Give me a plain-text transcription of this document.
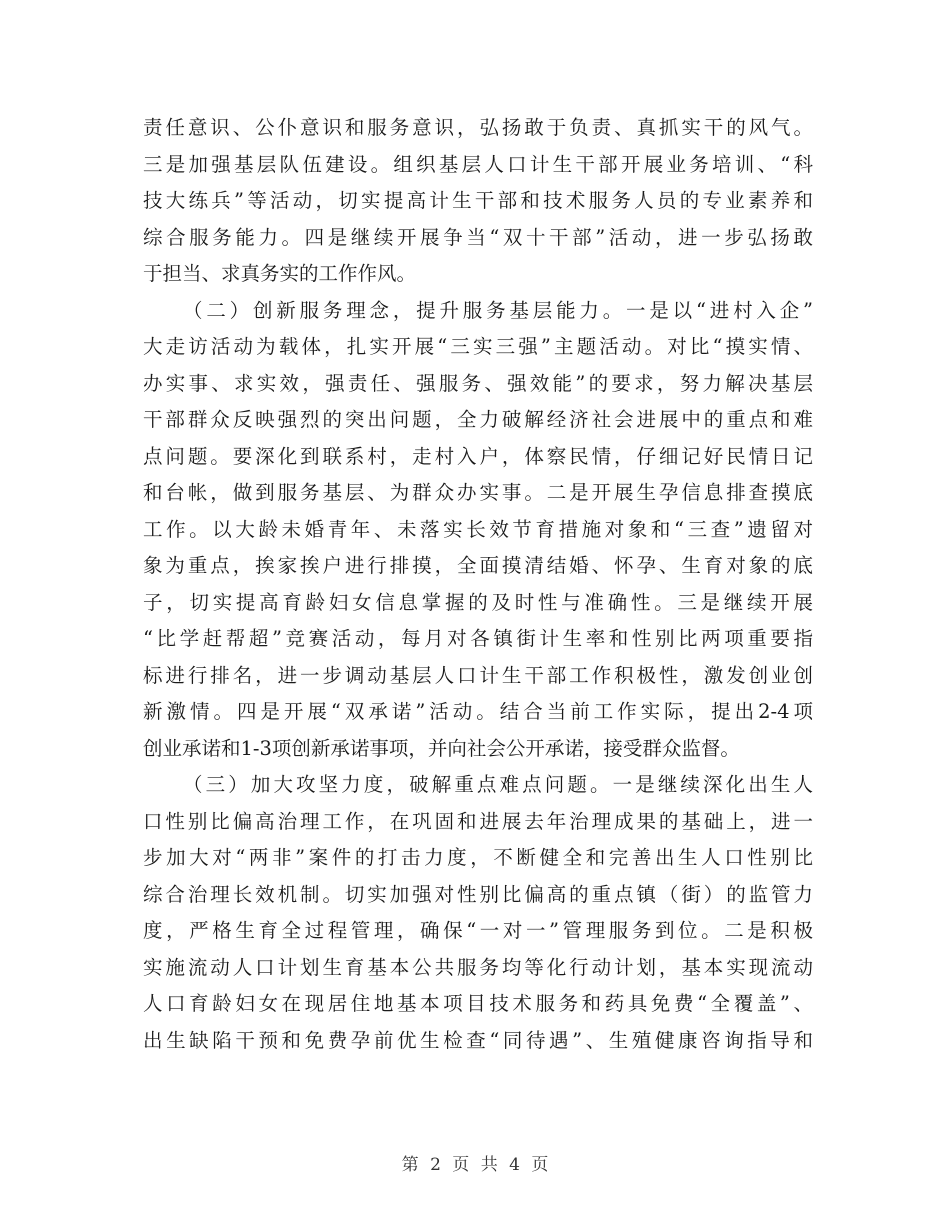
责任意识、公仆意识和服务意识，弘扬敢于负责、真抓实干的风气。
三是加强基层队伍建设。组织基层人口计生干部开展业务培训、“科
技大练兵”等活动，切实提高计生干部和技术服务人员的专业素养和
综合服务能力。四是继续开展争当“双十干部”活动，进一步弘扬敢
于担当、求真务实的工作作风。
（二）创新服务理念，提升服务基层能力。一是以“进村入企”
大走访活动为载体，扎实开展“三实三强”主题活动。对比“摸实情、
办实事、求实效，强责任、强服务、强效能”的要求，努力解决基层
干部群众反映强烈的突出问题，全力破解经济社会进展中的重点和难
点问题。要深化到联系村，走村入户，体察民情，仔细记好民情日记
和台帐，做到服务基层、为群众办实事。二是开展生孕信息排查摸底
工作。以大龄未婚青年、未落实长效节育措施对象和“三查”遗留对
象为重点，挨家挨户进行排摸，全面摸清结婚、怀孕、生育对象的底
子，切实提高育龄妇女信息掌握的及时性与准确性。三是继续开展
“比学赶帮超”竞赛活动，每月对各镇街计生率和性别比两项重要指
标进行排名，进一步调动基层人口计生干部工作积极性，激发创业创
新激情。四是开展“双承诺”活动。结合当前工作实际，提出2-4项
创业承诺和1-3项创新承诺事项，并向社会公开承诺，接受群众监督。
（三）加大攻坚力度，破解重点难点问题。一是继续深化出生人
口性别比偏高治理工作，在巩固和进展去年治理成果的基础上，进一
步加大对“两非”案件的打击力度，不断健全和完善出生人口性别比
综合治理长效机制。切实加强对性别比偏高的重点镇（街）的监管力
度，严格生育全过程管理，确保“一对一”管理服务到位。二是积极
实施流动人口计划生育基本公共服务均等化行动计划，基本实现流动
人口育龄妇女在现居住地基本项目技术服务和药具免费“全覆盖”、
出生缺陷干预和免费孕前优生检查“同待遇”、生殖健康咨询指导和
第 2 页 共 4 页
